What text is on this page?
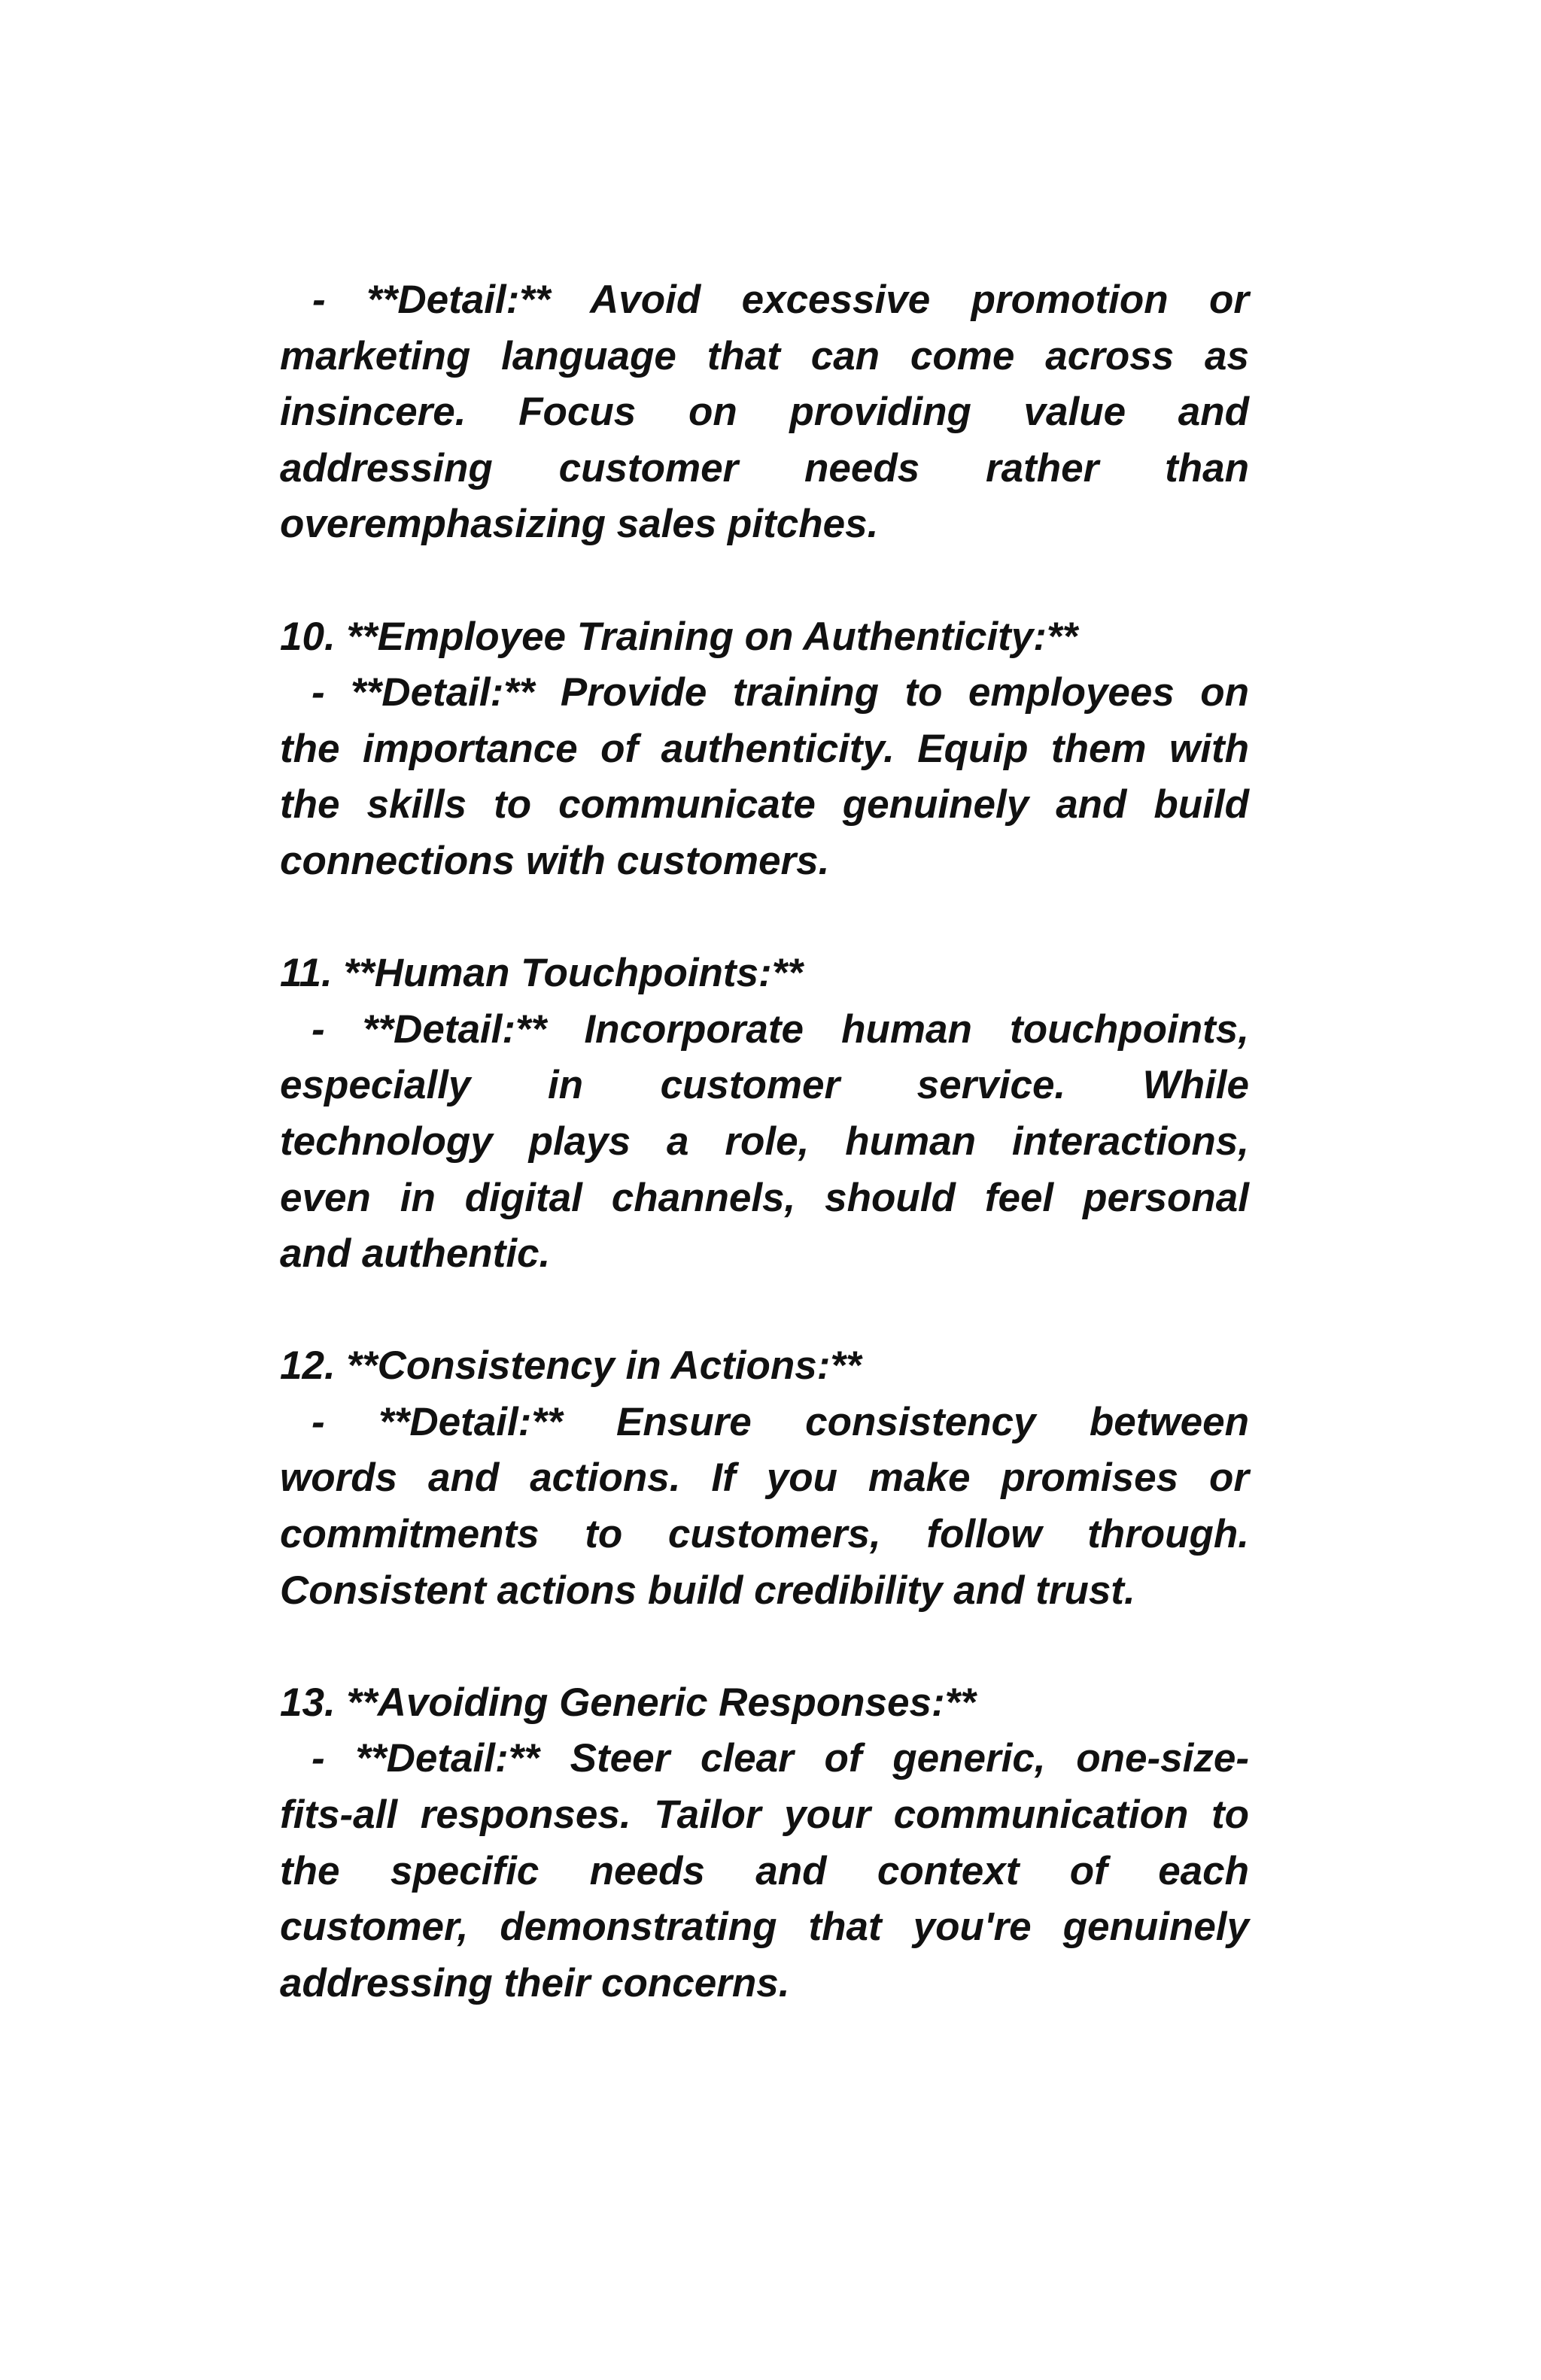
- **Detail:** Avoid excessive promotion or
marketing language that can come across as
insincere. Focus on providing value and
addressing customer needs rather than
overemphasizing sales pitches.
10. **Employee Training on Authenticity:**
- **Detail:** Provide training to employees on
the importance of authenticity. Equip them with
the skills to communicate genuinely and build
connections with customers.
11. **Human Touchpoints:**
- **Detail:** Incorporate human touchpoints,
especially in customer service. While
technology plays a role, human interactions,
even in digital channels, should feel personal
and authentic.
12. **Consistency in Actions:**
- **Detail:** Ensure consistency between
words and actions. If you make promises or
commitments to customers, follow through.
Consistent actions build credibility and trust.
13. **Avoiding Generic Responses:**
- **Detail:** Steer clear of generic, one-size-
fits-all responses. Tailor your communication to
the specific needs and context of each
customer, demonstrating that you're genuinely
addressing their concerns.
